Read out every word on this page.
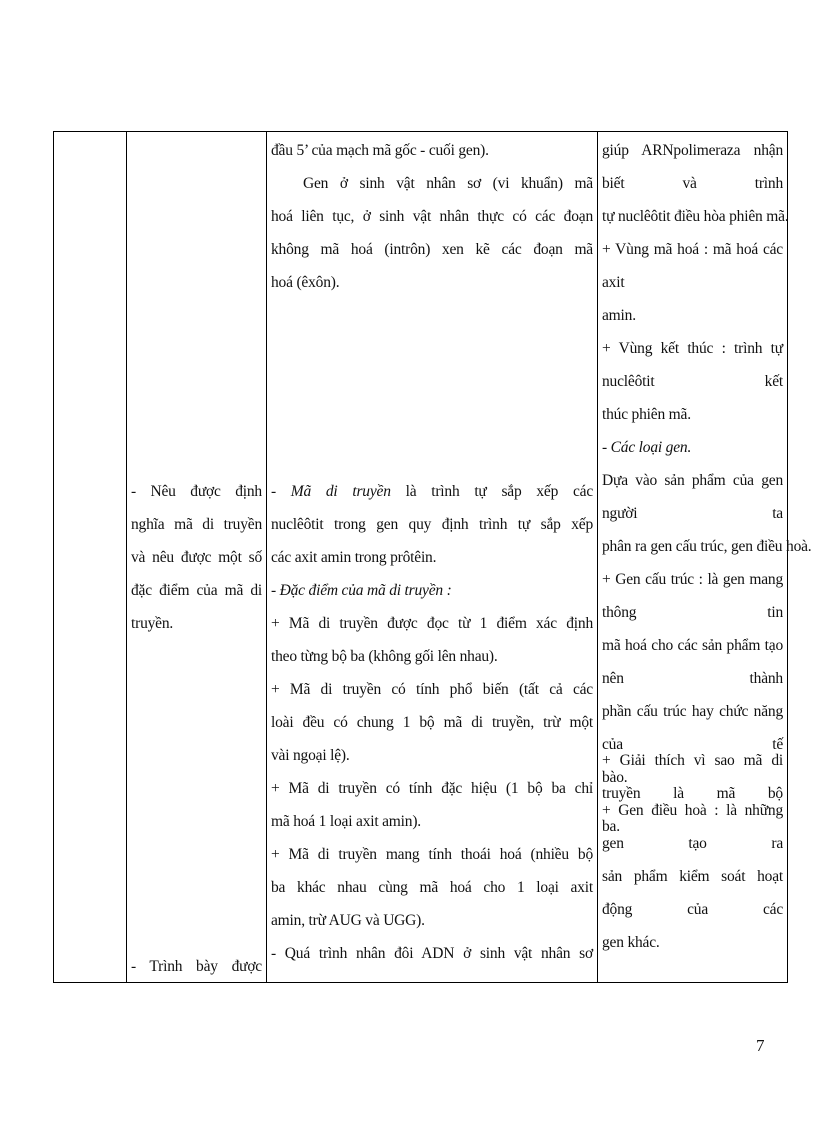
- Nêu được định
nghĩa mã di truyền
và nêu được một số
đặc điểm của mã di
truyền.
- Trình bày được
đầu 5’ của mạch mã gốc - cuối gen).
Gen ở sinh vật nhân sơ (vi khuẩn) mã
hoá liên tục, ở sinh vật nhân thực có các đoạn
không mã hoá (intrôn) xen kẽ các đoạn mã
hoá (êxôn).
- Mã di truyền là trình tự sắp xếp các
nuclêôtit trong gen quy định trình tự sắp xếp
các axit amin trong prôtêin.
- Đặc điểm của mã di truyền :
+ Mã di truyền được đọc từ 1 điểm xác định
theo từng bộ ba (không gối lên nhau).
+ Mã di truyền có tính phổ biến (tất cả các
loài đều có chung 1 bộ mã di truyền, trừ một
vài ngoại lệ).
+ Mã di truyền có tính đặc hiệu (1 bộ ba chỉ
mã hoá 1 loại axit amin).
+ Mã di truyền mang tính thoái hoá (nhiều bộ
ba khác nhau cùng mã hoá cho 1 loại axit
amin, trừ AUG và UGG).
- Quá trình nhân đôi ADN ở sinh vật nhân sơ
giúp ARNpolimeraza nhận biết và trình
tự nuclêôtit điều hòa phiên mã.
+ Vùng mã hoá : mã hoá các axit
amin.
+ Vùng kết thúc : trình tự nuclêôtit kết
thúc phiên mã.
- Các loại gen.
Dựa vào sản phẩm của gen người ta
phân ra gen cấu trúc, gen điều hoà.
+ Gen cấu trúc : là gen mang thông tin
mã hoá cho các sản phẩm tạo nên thành
phần cấu trúc hay chức năng của tế
bào.
+ Gen điều hoà : là những gen tạo ra
sản phẩm kiểm soát hoạt động của các
gen khác.
+ Giải thích vì sao mã di truyền là mã bộ
ba.
7
